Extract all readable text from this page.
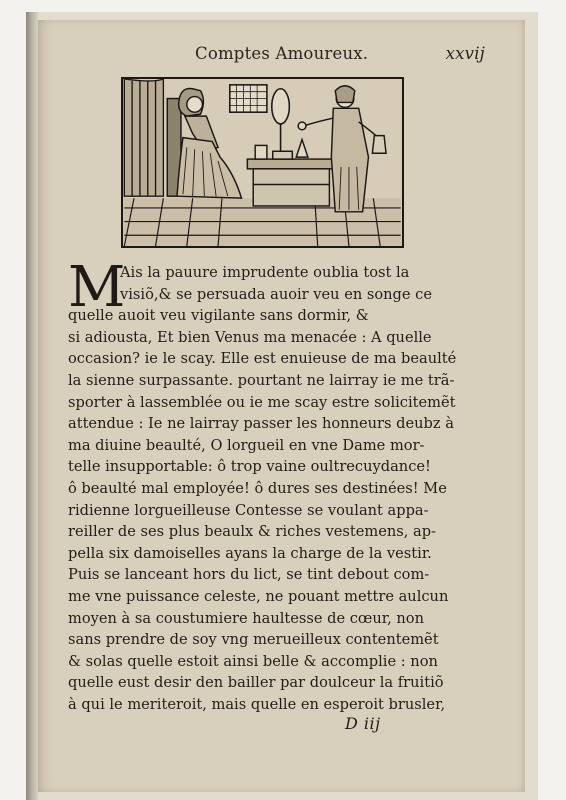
Comptes Amoureux.	xxvij
M
Ais la pauure imprudente oublia tost la
visiõ,& se persuada auoir veu en songe ce
quelle auoit veu vigilante sans dormir, &
si adiousta, Et bien Venus ma menacée : A quelle
occasion? ie le scay. Elle est enuieuse de ma beaulté
la sienne surpassante. pourtant ne lairray ie me trã-
sporter à lassemblée ou ie me scay estre solicitemẽt
attendue : Ie ne lairray passer les honneurs deubz à
ma diuine beaulté, O lorgueil en vne Dame mor-
telle insupportable: ô trop vaine oultrecuydance!
ô beaulté mal employée! ô dures ses destinées! Me
ridienne lorgueilleuse Contesse se voulant appa-
reiller de ses plus beaulx & riches vestemens, ap-
pella six damoiselles ayans la charge de la vestir.
Puis se lanceant hors du lict, se tint debout com-
me vne puissance celeste, ne pouant mettre aulcun
moyen à sa coustumiere haultesse de cœur, non
sans prendre de soy vng merueilleux contentemẽt
& solas quelle estoit ainsi belle & accomplie : non
quelle eust desir den bailler par doulceur la fruitiõ
à qui le meriteroit, mais quelle en esperoit brusler,
D iij
